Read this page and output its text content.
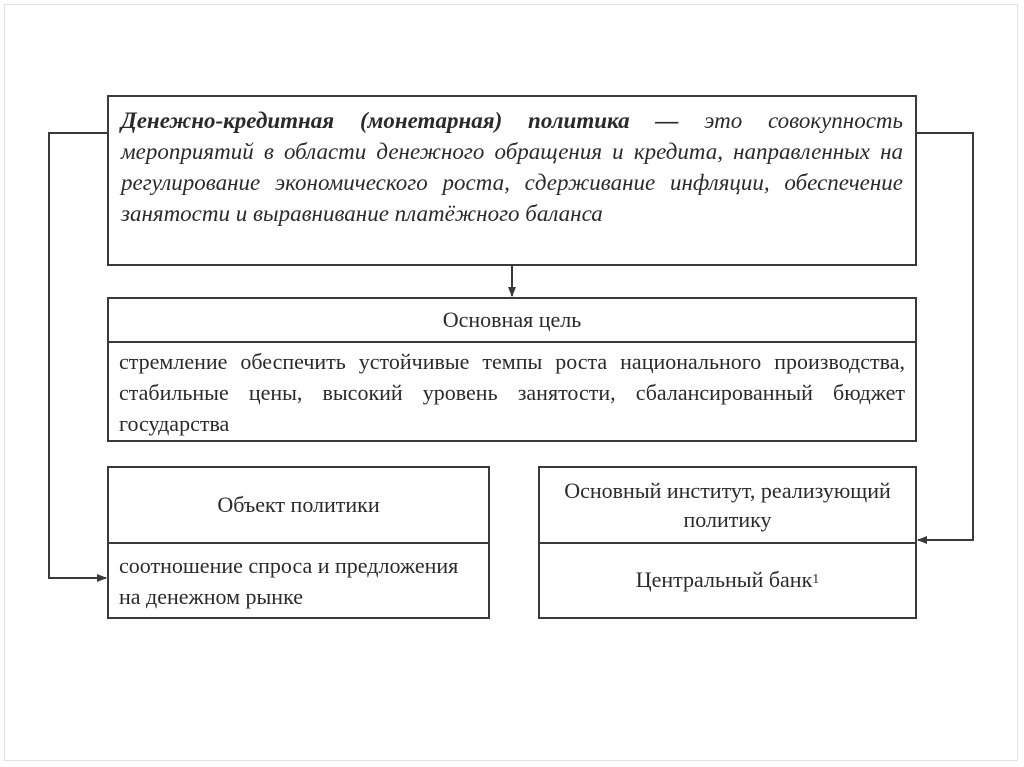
Денежно-кредитная (монетарная) политика — это совокупность мероприятий в области денежного обращения и кредита, направленных на регулирование экономического роста, сдерживание инфляции, обеспечение занятости и выравнивание платёжного баланса
Основная цель
стремление обеспечить устойчивые темпы роста национального производства, стабильные цены, высокий уровень занятости, сбалансированный бюджет государства
Объект политики
соотношение спроса и предложения на денежном рынке
Основный институт, реализующий политику
Центральный банк 1
